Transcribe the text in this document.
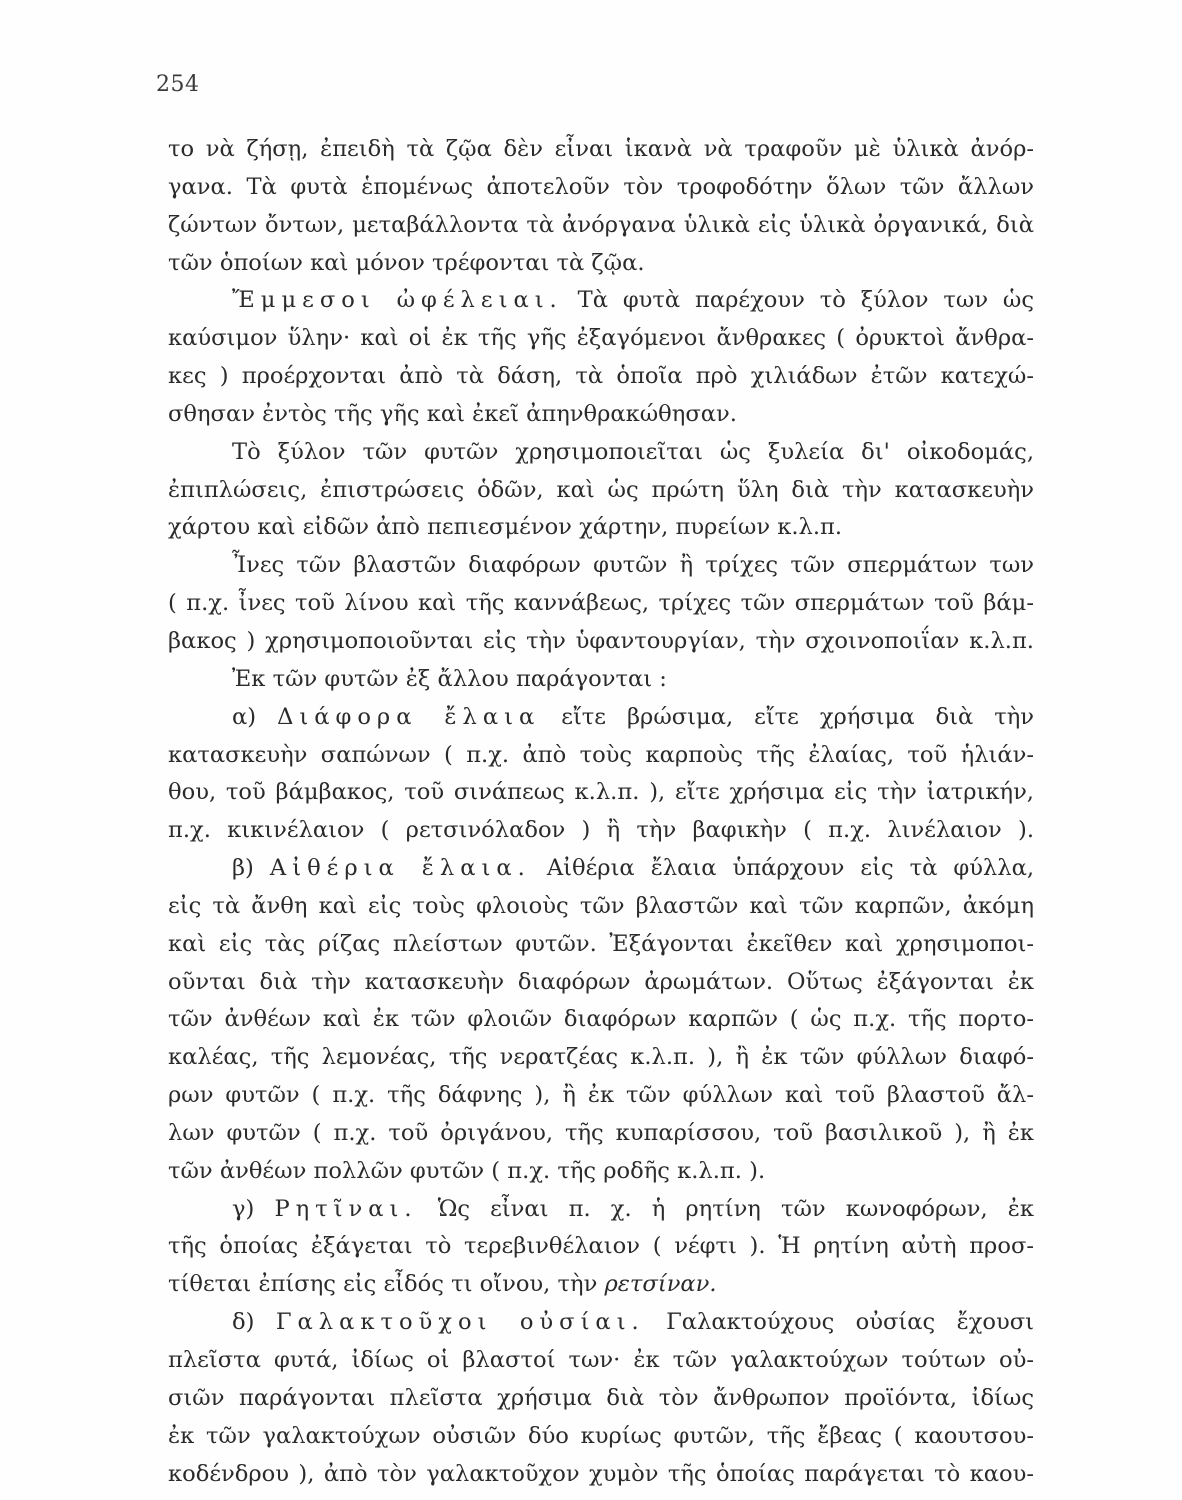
254
το νὰ ζήσῃ, ἐπειδὴ τὰ ζῷα δὲν εἶναι ἱκανὰ νὰ τραφοῦν μὲ ὑλικὰ ἀνόρ-
γανα. Τὰ φυτὰ ἑπομένως ἀποτελοῦν τὸν τροφοδότην ὅλων τῶν ἄλλων
ζώντων ὄντων, μεταβάλλοντα τὰ ἀνόργανα ὑλικὰ εἰς ὑλικὰ ὀργανικά, διὰ
τῶν ὁποίων καὶ μόνον τρέφονται τὰ ζῷα.
Ἔμμεσοι ὠφέλειαι. Τὰ φυτὰ παρέχουν τὸ ξύλον των ὡς
καύσιμον ὕλην· καὶ οἱ ἐκ τῆς γῆς ἐξαγόμενοι ἄνθρακες ( ὀρυκτοὶ ἄνθρα-
κες ) προέρχονται ἀπὸ τὰ δάση, τὰ ὁποῖα πρὸ χιλιάδων ἐτῶν κατεχώ-
σθησαν ἐντὸς τῆς γῆς καὶ ἐκεῖ ἀπηνθρακώθησαν.
Τὸ ξύλον τῶν φυτῶν χρησιμοποιεῖται ὡς ξυλεία δι' οἰκοδομάς,
ἐπιπλώσεις, ἐπιστρώσεις ὁδῶν, καὶ ὡς πρώτη ὕλη διὰ τὴν κατασκευὴν
χάρτου καὶ εἰδῶν ἀπὸ πεπιεσμένον χάρτην, πυρείων κ.λ.π.
Ἶνες τῶν βλαστῶν διαφόρων φυτῶν ἢ τρίχες τῶν σπερμάτων των
( π.χ. ἶνες τοῦ λίνου καὶ τῆς καννάβεως, τρίχες τῶν σπερμάτων τοῦ βάμ-
βακος ) χρησιμοποιοῦνται εἰς τὴν ὑφαντουργίαν, τὴν σχοινοποιΐαν κ.λ.π.
Ἐκ τῶν φυτῶν ἐξ ἄλλου παράγονται :
α) Διάφορα ἔλαια εἴτε βρώσιμα, εἴτε χρήσιμα διὰ τὴν
κατασκευὴν σαπώνων ( π.χ. ἀπὸ τοὺς καρποὺς τῆς ἐλαίας, τοῦ ἡλιάν-
θου, τοῦ βάμβακος, τοῦ σινάπεως κ.λ.π. ), εἴτε χρήσιμα εἰς τὴν ἰατρικήν,
π.χ. κικινέλαιον ( ρετσινόλαδον ) ἢ τὴν βαφικὴν ( π.χ. λινέλαιον ).
β) Αἰθέρια ἔλαια. Αἰθέρια ἔλαια ὑπάρχουν εἰς τὰ φύλλα,
εἰς τὰ ἄνθη καὶ εἰς τοὺς φλοιοὺς τῶν βλαστῶν καὶ τῶν καρπῶν, ἀκόμη
καὶ εἰς τὰς ρίζας πλείστων φυτῶν. Ἐξάγονται ἐκεῖθεν καὶ χρησιμοποι-
οῦνται διὰ τὴν κατασκευὴν διαφόρων ἀρωμάτων. Οὕτως ἐξάγονται ἐκ
τῶν ἀνθέων καὶ ἐκ τῶν φλοιῶν διαφόρων καρπῶν ( ὡς π.χ. τῆς πορτο-
καλέας, τῆς λεμονέας, τῆς νερατζέας κ.λ.π. ), ἢ ἐκ τῶν φύλλων διαφό-
ρων φυτῶν ( π.χ. τῆς δάφνης ), ἢ ἐκ τῶν φύλλων καὶ τοῦ βλαστοῦ ἄλ-
λων φυτῶν ( π.χ. τοῦ ὀριγάνου, τῆς κυπαρίσσου, τοῦ βασιλικοῦ ), ἢ ἐκ
τῶν ἀνθέων πολλῶν φυτῶν ( π.χ. τῆς ροδῆς κ.λ.π. ).
γ) Ρητῖναι. Ὡς εἶναι π. χ. ἡ ρητίνη τῶν κωνοφόρων, ἐκ
τῆς ὁποίας ἐξάγεται τὸ τερεβινθέλαιον ( νέφτι ). Ἡ ρητίνη αὐτὴ προσ-
τίθεται ἐπίσης εἰς εἶδός τι οἴνου, τὴν ρετσίναν.
δ) Γαλακτοῦχοι οὐσίαι. Γαλακτούχους οὐσίας ἔχουσι
πλεῖστα φυτά, ἰδίως οἱ βλαστοί των· ἐκ τῶν γαλακτούχων τούτων οὐ-
σιῶν παράγονται πλεῖστα χρήσιμα διὰ τὸν ἄνθρωπον προϊόντα, ἰδίως
ἐκ τῶν γαλακτούχων οὐσιῶν δύο κυρίως φυτῶν, τῆς ἔβεας ( καουτσου-
κοδένδρου ), ἀπὸ τὸν γαλακτοῦχον χυμὸν τῆς ὁποίας παράγεται τὸ καου-
